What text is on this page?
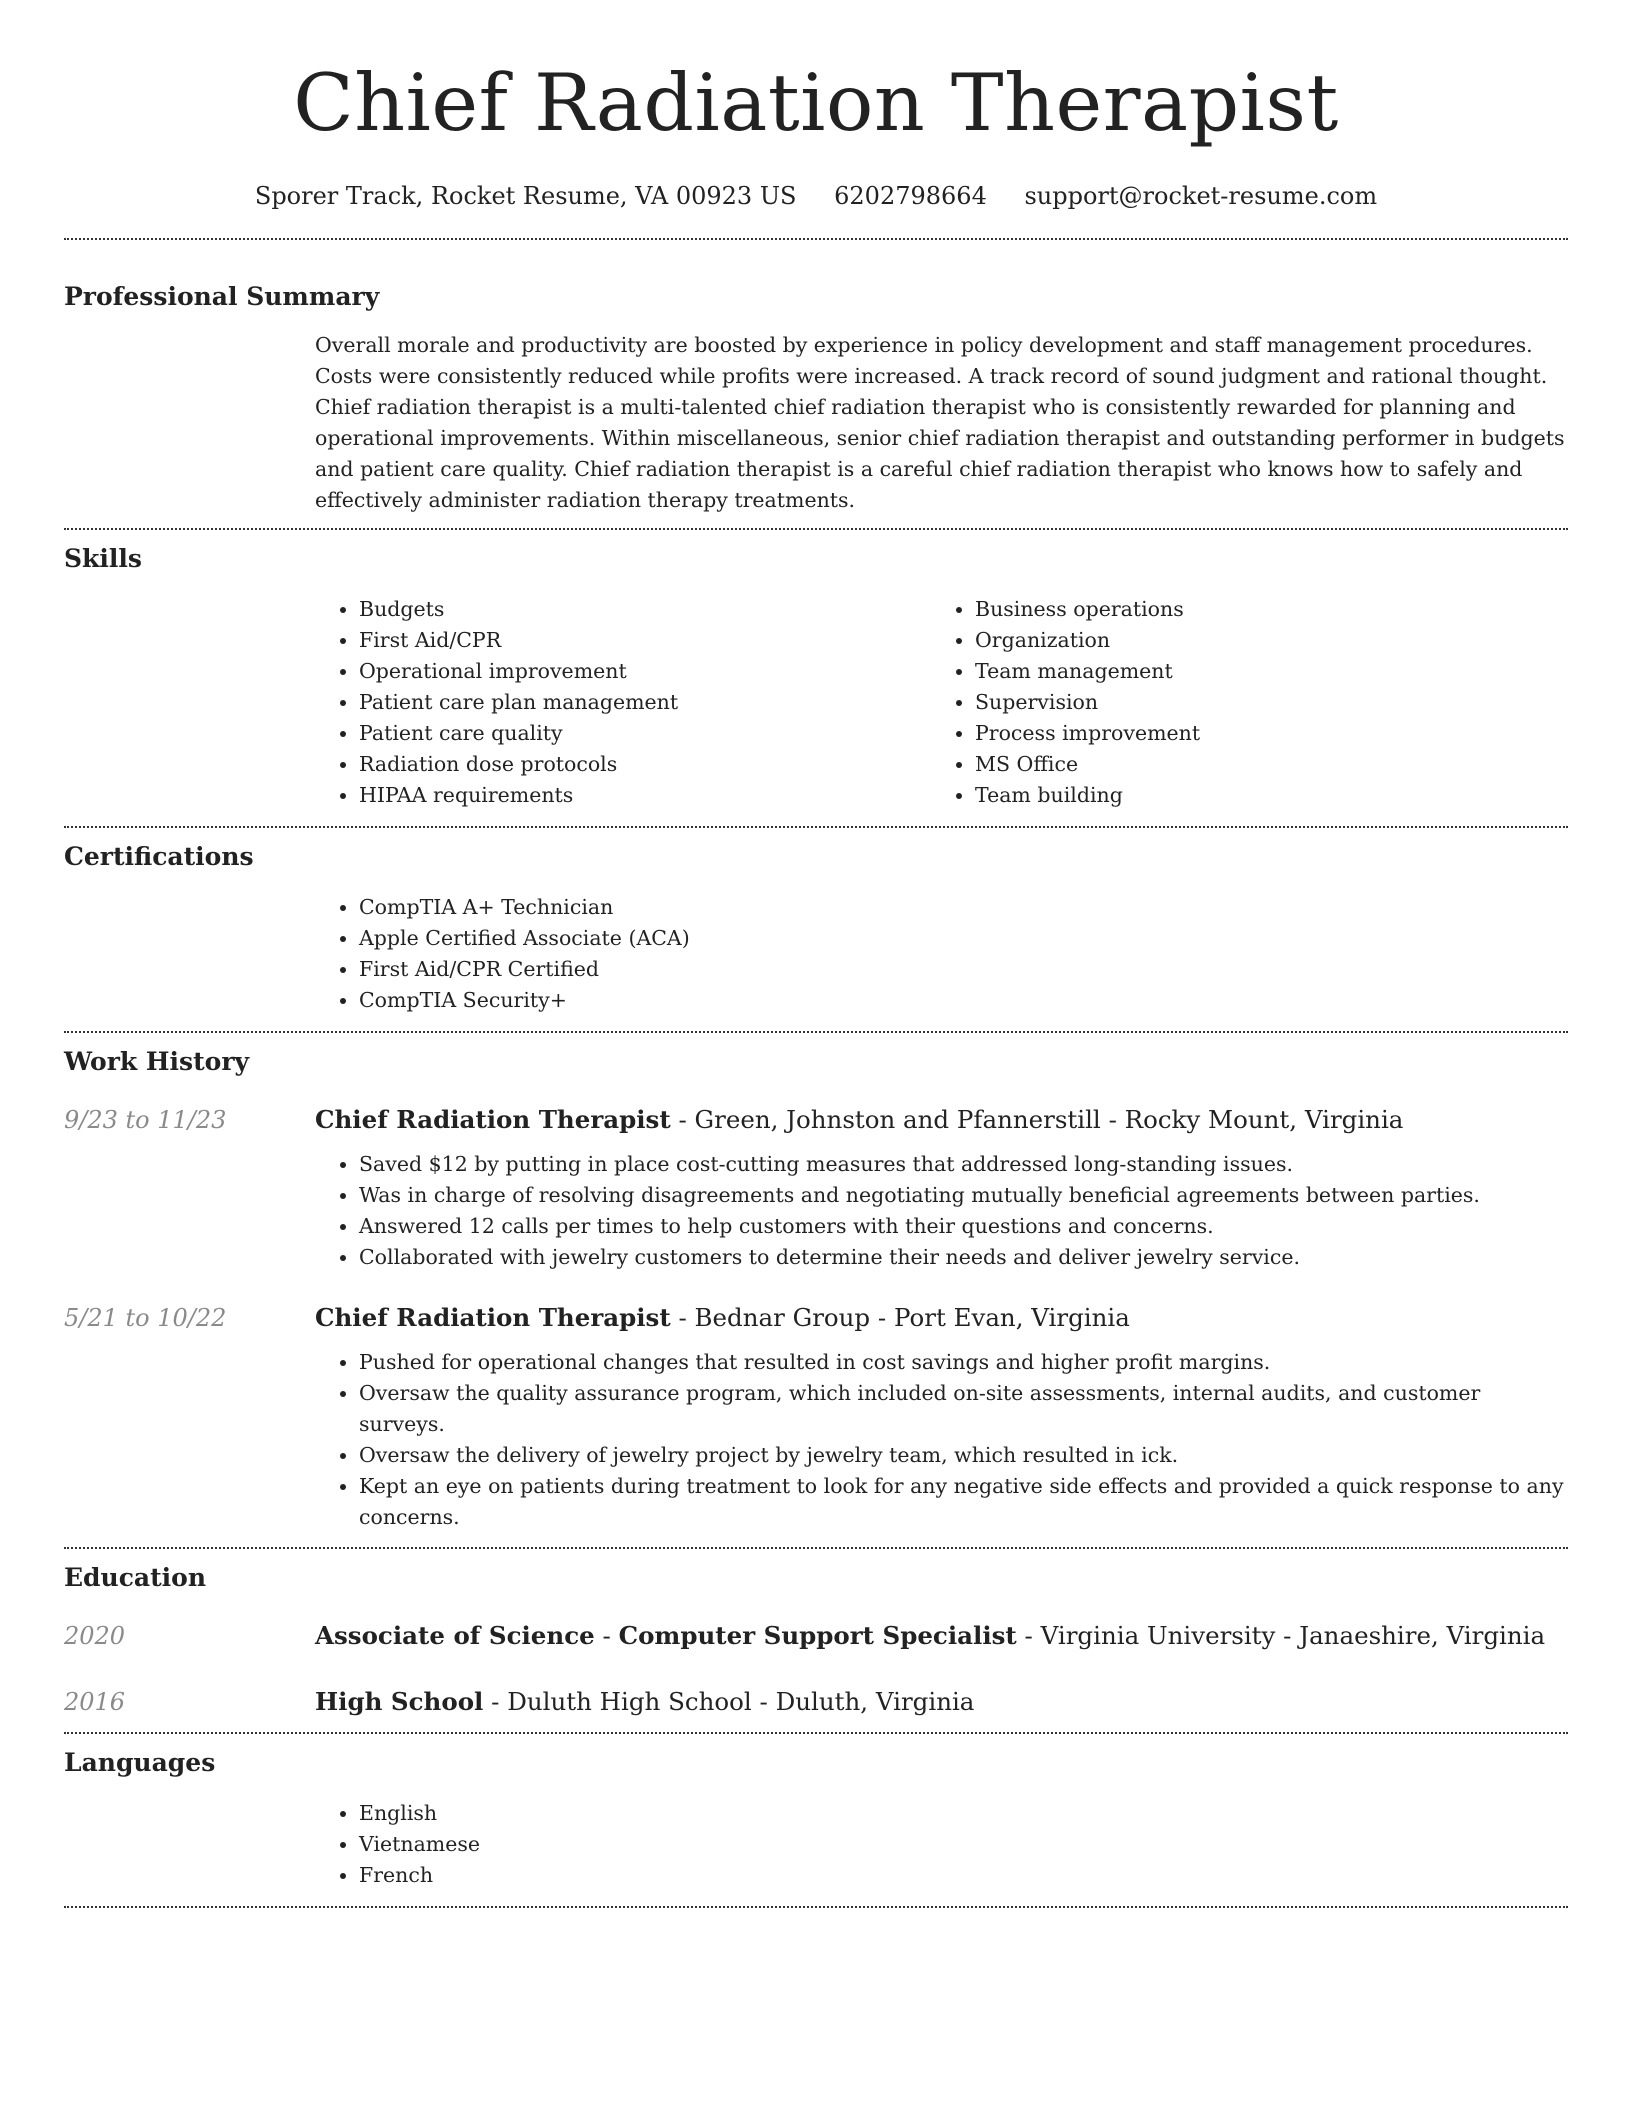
Chief Radiation Therapist
Sporer Track, Rocket Resume, VA 00923 US 6202798664 support@rocket-resume.com
Professional Summary

Overall morale and productivity are boosted by experience in policy development and staff management procedures. Costs were consistently reduced while profits were increased. A track record of sound judgment and rational thought. Chief radiation therapist is a multi-talented chief radiation therapist who is consistently rewarded for planning and operational improvements. Within miscellaneous, senior chief radiation therapist and outstanding performer in budgets and patient care quality. Chief radiation therapist is a careful chief radiation therapist who knows how to safely and effectively administer radiation therapy treatments.

Skills
• Budgets
• First Aid/CPR
• Operational improvement
• Patient care plan management
• Patient care quality
• Radiation dose protocols
• HIPAA requirements
• Business operations
• Organization
• Team management
• Supervision
• Process improvement
• MS Office
• Team building
Certifications
• CompTIA A+ Technician
• Apple Certified Associate (ACA)
• First Aid/CPR Certified
• CompTIA Security+
Work History
9/23 to 11/23	Chief Radiation Therapist - Green, Johnston and Pfannerstill - Rocky Mount, Virginia
• Saved $12 by putting in place cost-cutting measures that addressed long-standing issues.
• Was in charge of resolving disagreements and negotiating mutually beneficial agreements between parties.
• Answered 12 calls per times to help customers with their questions and concerns.
• Collaborated with jewelry customers to determine their needs and deliver jewelry service.
5/21 to 10/22	Chief Radiation Therapist - Bednar Group - Port Evan, Virginia
• Pushed for operational changes that resulted in cost savings and higher profit margins.
• Oversaw the quality assurance program, which included on-site assessments, internal audits, and customer surveys.
• Oversaw the delivery of jewelry project by jewelry team, which resulted in ick.
• Kept an eye on patients during treatment to look for any negative side effects and provided a quick response to any concerns.
Education
2020	Associate of Science - Computer Support Specialist - Virginia University - Janaeshire, Virginia
2016	High School - Duluth High School - Duluth, Virginia
Languages
• English
• Vietnamese
• French
